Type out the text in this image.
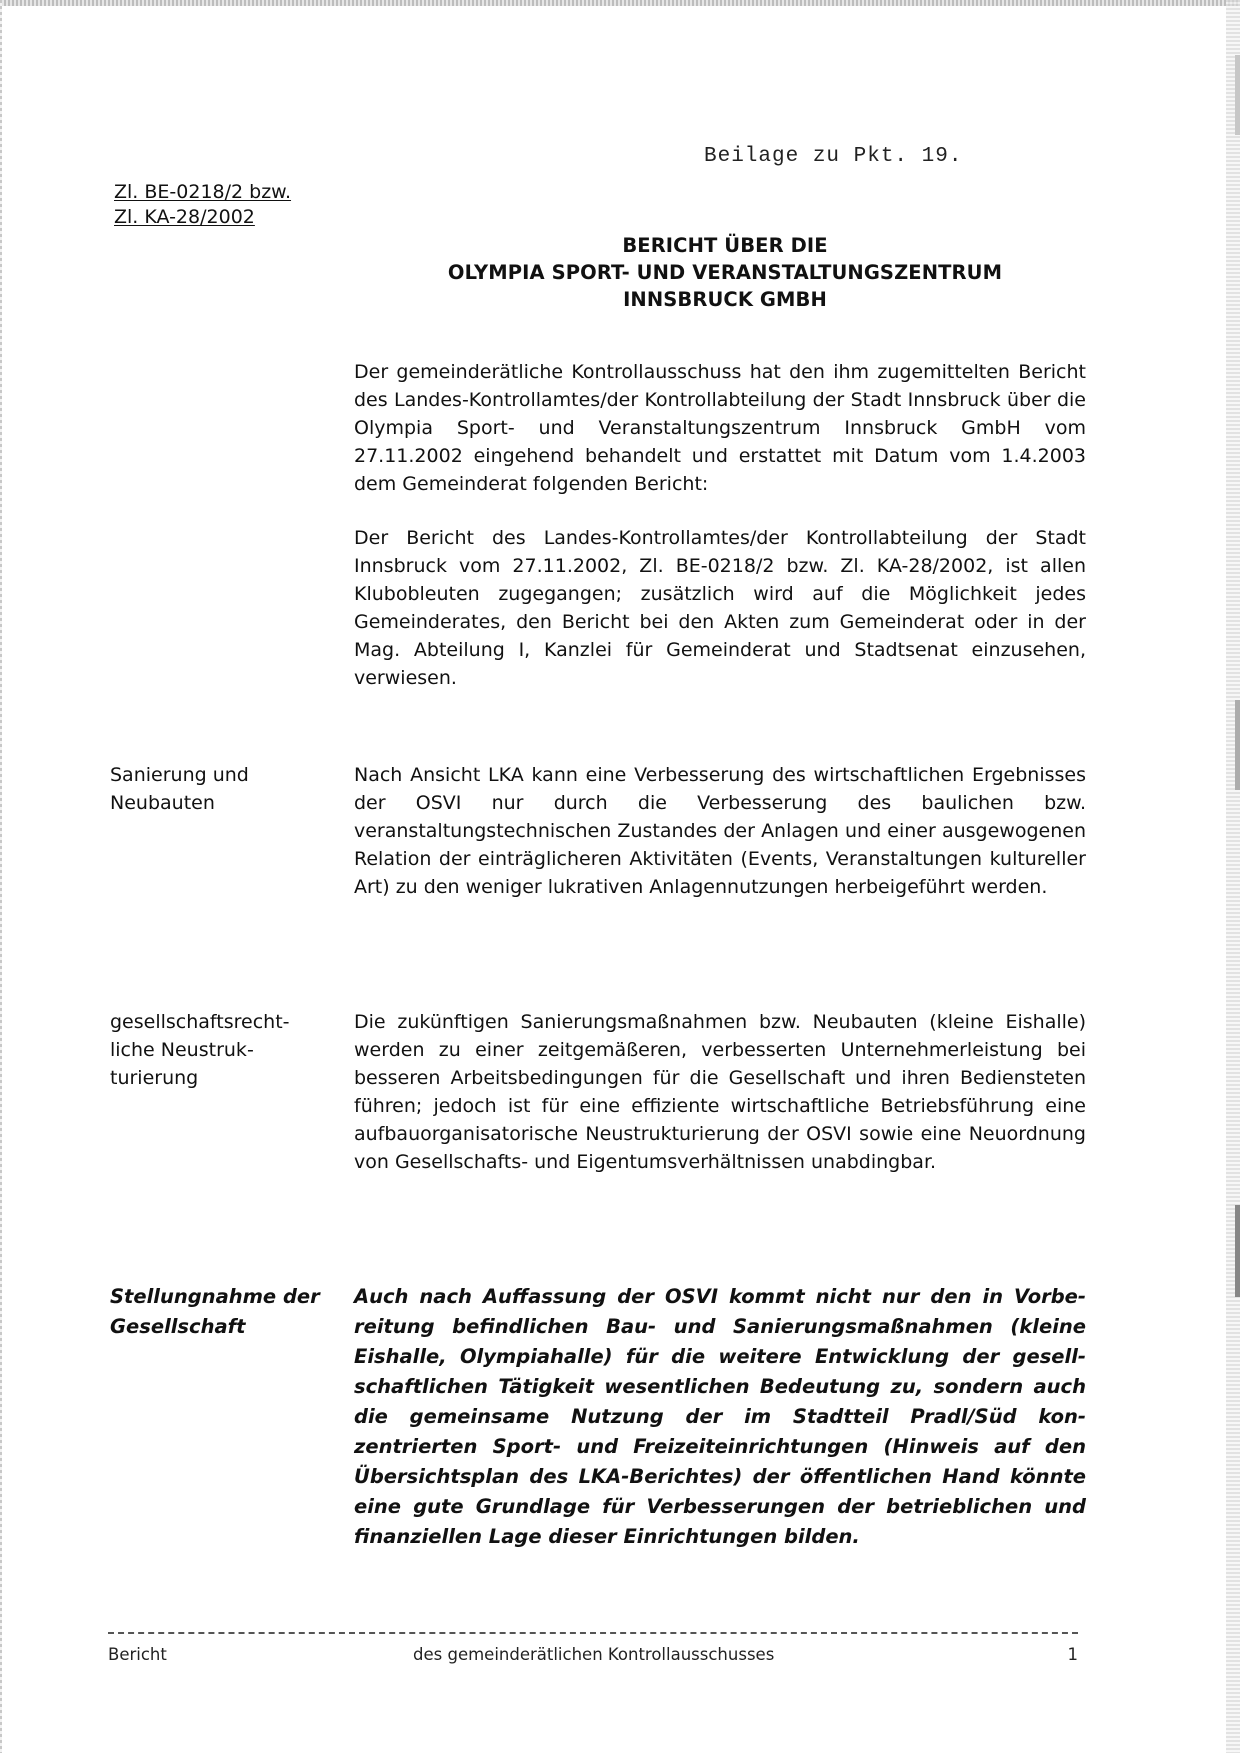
Beilage zu Pkt. 19.
Zl. BE-0218/2 bzw.
Zl. KA-28/2002
BERICHT ÜBER DIE
OLYMPIA SPORT- UND VERANSTALTUNGSZENTRUM
INNSBRUCK GMBH

Der gemeinderätliche Kontrollausschuss hat den ihm zugemittelten Bericht des Landes-Kontrollamtes/der Kontrollabteilung der Stadt Innsbruck über die Olympia Sport- und Veranstaltungszentrum Innsbruck GmbH vom 27.11.2002 eingehend behandelt und erstattet mit Datum vom 1.4.2003 dem Gemeinderat folgenden Bericht:

Der Bericht des Landes-Kontrollamtes/der Kontrollabteilung der Stadt Innsbruck vom 27.11.2002, Zl. BE-0218/2 bzw. Zl. KA-28/2002, ist allen Klubobleuten zugegangen; zusätzlich wird auf die Möglichkeit jedes Gemeinderates, den Bericht bei den Akten zum Gemeinderat oder in der Mag. Abteilung I, Kanzlei für Gemeinderat und Stadtsenat einzusehen, verwiesen.

Sanierung und Neubauten

Nach Ansicht LKA kann eine Verbesserung des wirtschaftlichen Ergebnisses der OSVI nur durch die Verbesserung des baulichen bzw. veranstaltungstechnischen Zustandes der Anlagen und einer ausgewogenen Relation der einträglicheren Aktivitäten (Events, Veranstaltungen kultureller Art) zu den weniger lukrativen Anlagennutzungen herbeigeführt werden.

gesellschaftsrechtliche Neustrukturierung

Die zukünftigen Sanierungsmaßnahmen bzw. Neubauten (kleine Eishalle) werden zu einer zeitgemäßeren, verbesserten Unternehmerleistung bei besseren Arbeitsbedingungen für die Gesellschaft und ihren Bediensteten führen; jedoch ist für eine effiziente wirtschaftliche Betriebsführung eine aufbauorganisatorische Neustrukturierung der OSVI sowie eine Neuordnung von Gesellschafts- und Eigentumsverhältnissen unabdingbar.

Stellungnahme der Gesellschaft

Auch nach Auffassung der OSVI kommt nicht nur den in Vorbereitung befindlichen Bau- und Sanierungsmaßnahmen (kleine Eishalle, Olympiahalle) für die weitere Entwicklung der gesellschaftlichen Tätigkeit wesentlichen Bedeutung zu, sondern auch die gemeinsame Nutzung der im Stadtteil Pradl/Süd konzentrierten Sport- und Freizeiteinrichtungen (Hinweis auf den Übersichtsplan des LKA-Berichtes) der öffentlichen Hand könnte eine gute Grundlage für Verbesserungen der betrieblichen und finanziellen Lage dieser Einrichtungen bilden.

Bericht	des gemeinderätlichen Kontrollausschusses	1
